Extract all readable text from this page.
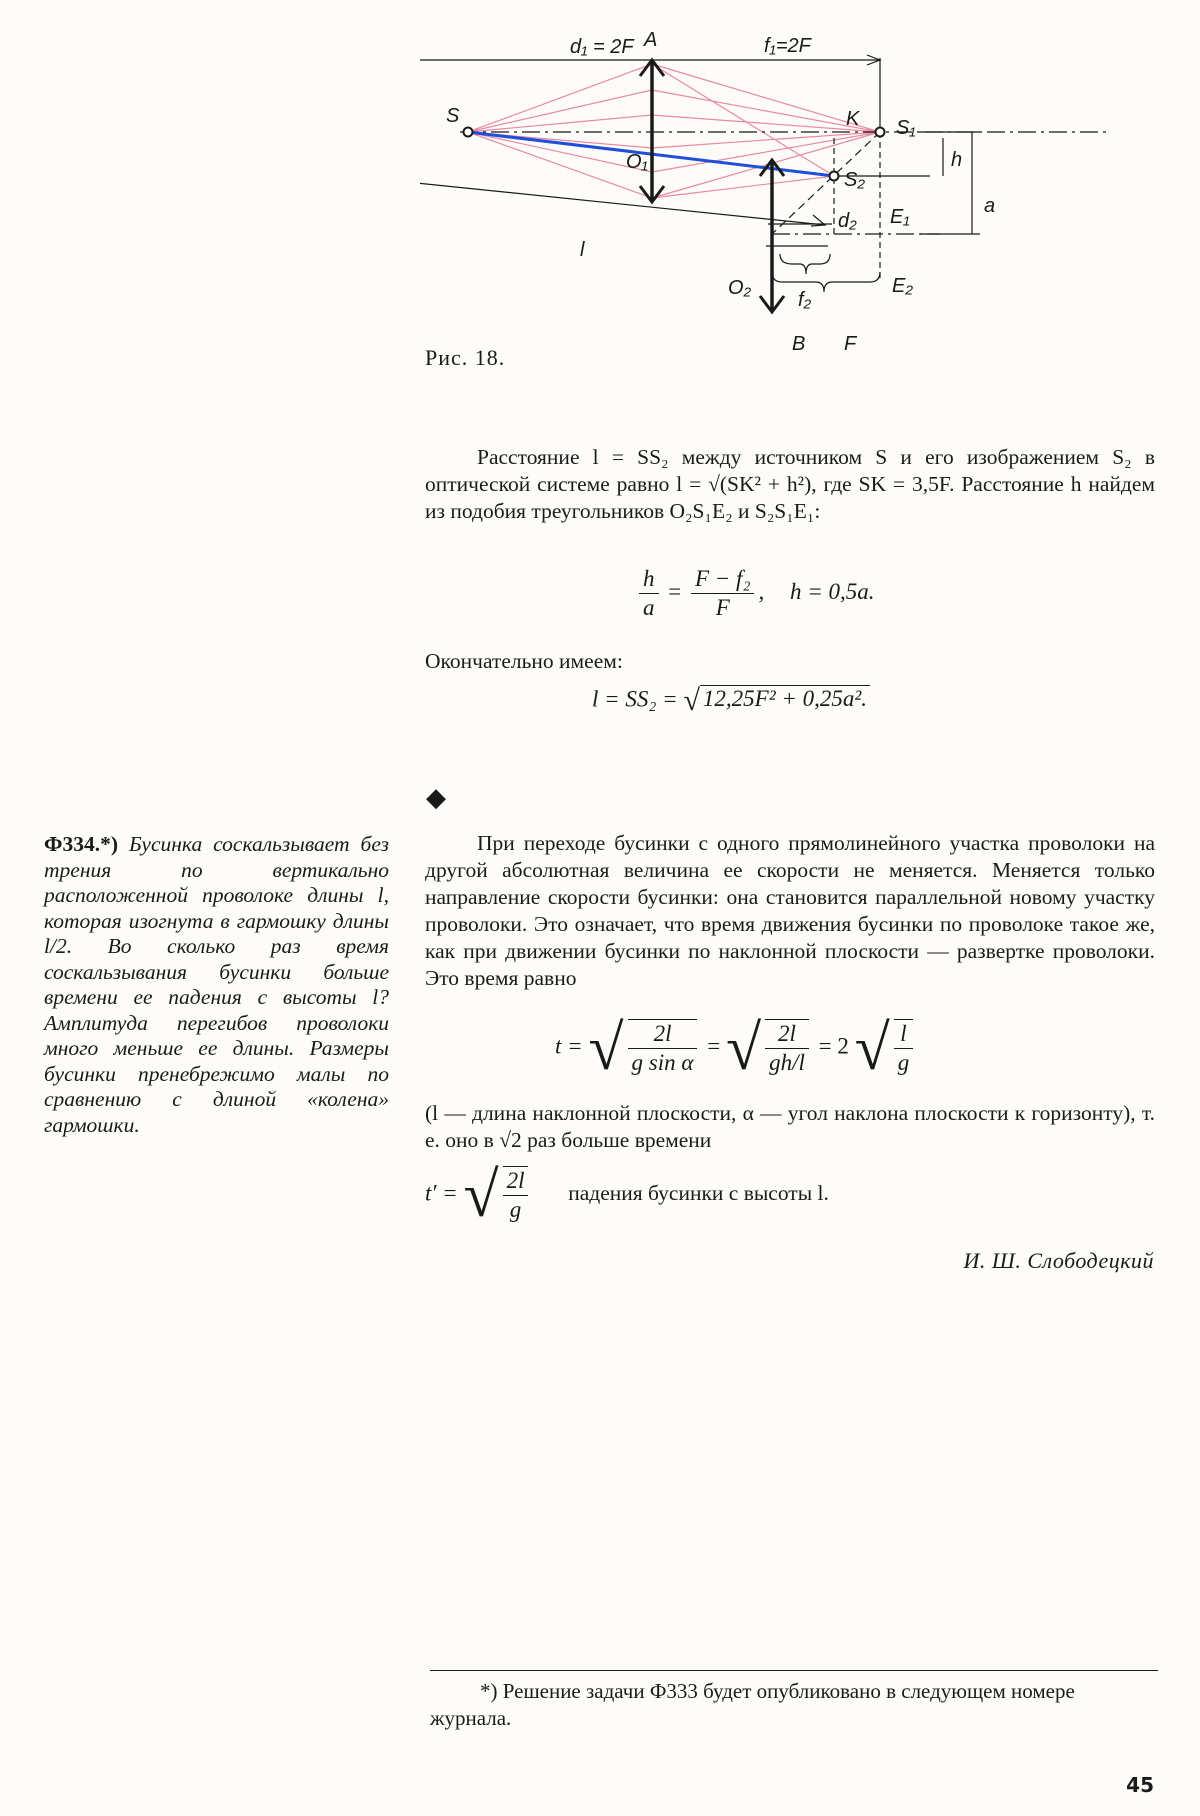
d₁ = 2F A	f₁=2F
S	K S₁
O₁
S₂
h
E₁	a
d₂
l
O₂	E₂
f₂
B F
Рис. 18.

Расстояние l = SS₂ между источником S и его изображением S₂ в оптической системе равно l = √(SK² + h²), где SK = 3,5F. Расстояние h найдем из подобия треугольников O₂S₁E₂ и S₂S₁E₁:

$\frac{h}{a} = \frac{\text{F − f₂}}{F}$ , h = 0,5a.

Окончательно имеем:

l = SS₂ = √ 12,25F² + 0,25a².
◆

При переходе бусинки с одного прямолинейного участка проволоки на другой абсолютная величина ее скорости не меняется. Меняется только направление скорости бусинки: она становится параллельной новому участку проволоки. Это означает, что время движения бусинки по проволоке такое же, как при движении бусинки по наклонной плоскости — развертке проволоки. Это время равно

t = √ $\frac{2l}{\text{g sin α}}$ = √ $\frac{2l}{gh/l} = 2$ √ $\frac{l}{g}$

(l — длина наклонной плоскости, α — угол наклона плоскости к горизонту), т. е. оно в √2 раз больше времени

t′ = √ $\frac{2l}{g}$ падения бусинки с высоты l.
И. Ш. Слободецкий
Ф334.*) Бусинка соскальзывает без трения по вертикально расположенной проволоке длины l, которая изогнута в гармошку длины l/2. Во сколько раз время соскальзывания бусинки больше времени ее падения с высоты l? Амплитуда перегибов проволоки много меньше ее длины. Размеры бусинки пренебрежимо малы по сравнению с длиной «колена» гармошки.
*) Решение задачи Ф333 будет опубликовано в следующем номере журнала.
45
